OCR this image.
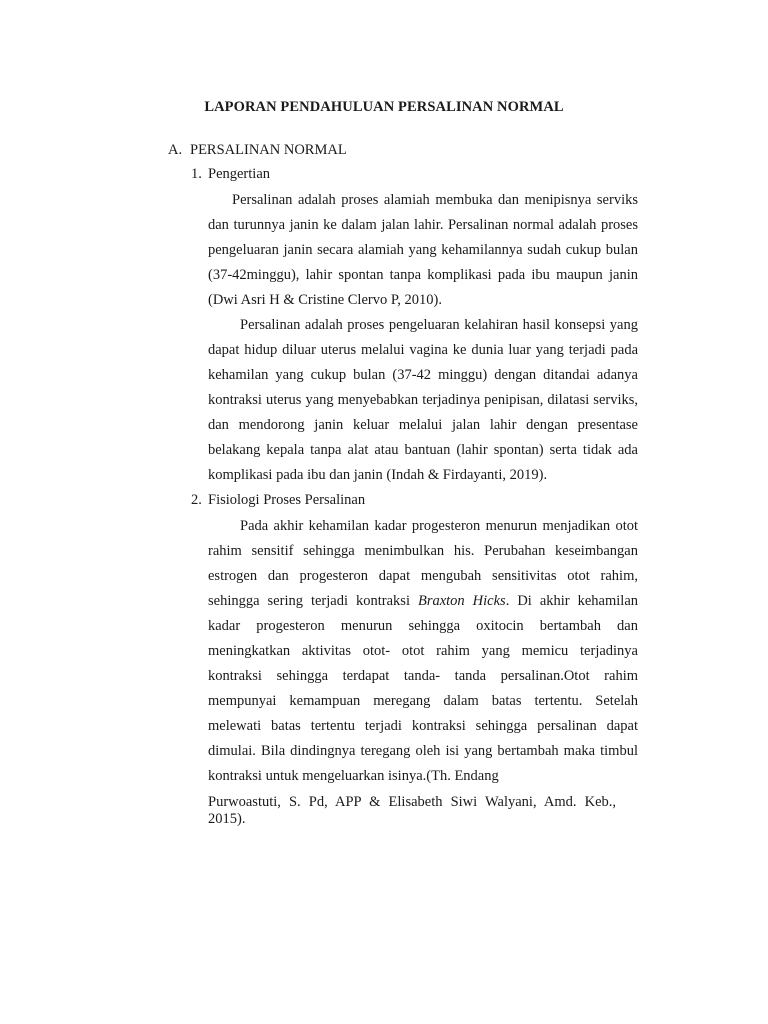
LAPORAN PENDAHULUAN PERSALINAN NORMAL
A. PERSALINAN NORMAL
1. Pengertian
Persalinan adalah proses alamiah membuka dan menipisnya serviks dan turunnya janin ke dalam jalan lahir. Persalinan normal adalah proses pengeluaran janin secara alamiah yang kehamilannya sudah cukup bulan (37-42minggu), lahir spontan tanpa komplikasi pada ibu maupun janin (Dwi Asri H & Cristine Clervo P, 2010).
Persalinan adalah proses pengeluaran kelahiran hasil konsepsi yang dapat hidup diluar uterus melalui vagina ke dunia luar yang terjadi pada kehamilan yang cukup bulan (37-42 minggu) dengan ditandai adanya kontraksi uterus yang menyebabkan terjadinya penipisan, dilatasi serviks, dan mendorong janin keluar melalui jalan lahir dengan presentase belakang kepala tanpa alat atau bantuan (lahir spontan) serta tidak ada komplikasi pada ibu dan janin (Indah & Firdayanti, 2019).
2. Fisiologi Proses Persalinan
Pada akhir kehamilan kadar progesteron menurun menjadikan otot rahim sensitif sehingga menimbulkan his. Perubahan keseimbangan estrogen dan progesteron dapat mengubah sensitivitas otot rahim, sehingga sering terjadi kontraksi Braxton Hicks. Di akhir kehamilan kadar progesteron menurun sehingga oxitocin bertambah dan meningkatkan aktivitas otot- otot rahim yang memicu terjadinya kontraksi sehingga terdapat tanda- tanda persalinan.Otot rahim mempunyai kemampuan meregang dalam batas tertentu. Setelah melewati batas tertentu terjadi kontraksi sehingga persalinan dapat dimulai. Bila dindingnya teregang oleh isi yang bertambah maka timbul kontraksi untuk mengeluarkan isinya.(Th. Endang
Purwoastuti, S. Pd, APP & Elisabeth Siwi Walyani, Amd. Keb., 2015).
